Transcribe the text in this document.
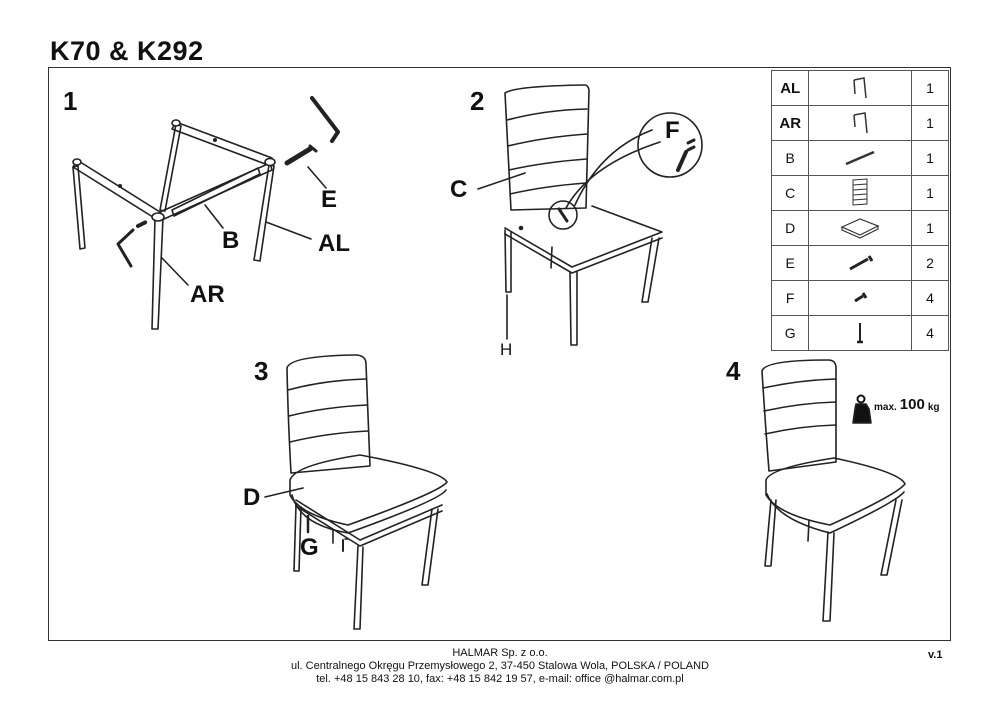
K70 & K292
1	2
3	4
E
B	AL
AR
C
F
H
D
G
AL		1
AR		1
B		1
C		1
D		1
E		2
F		4
G		4
max. 100 kg
HALMAR Sp. z o.o.
ul. Centralnego Okręgu Przemysłowego 2, 37-450 Stalowa Wola, POLSKA / POLAND
tel. +48 15 843 28 10, fax: +48 15 842 19 57, e-mail: office @halmar.com.pl
v.1
